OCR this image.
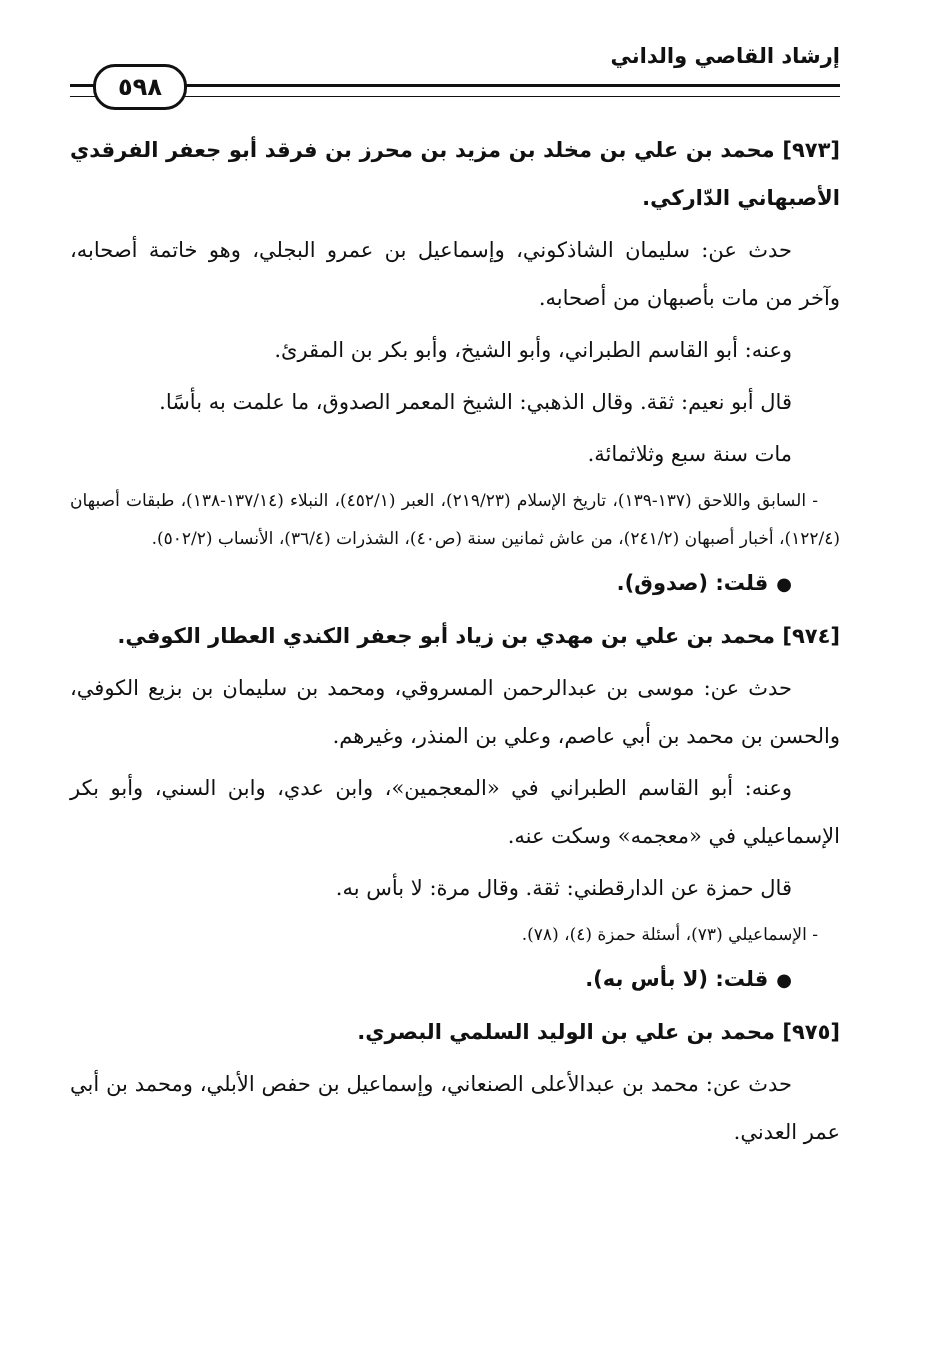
إرشاد القاصي والداني
٥٩٨

[٩٧٣] محمد بن علي بن مخلد بن مزيد بن محرز بن فرقد أبو جعفر الفرقدي الأصبهاني الدّاركي.

حدث عن: سليمان الشاذكوني، وإسماعيل بن عمرو البجلي، وهو خاتمة أصحابه، وآخر من مات بأصبهان من أصحابه.

وعنه: أبو القاسم الطبراني، وأبو الشيخ، وأبو بكر بن المقرئ.

قال أبو نعيم: ثقة. وقال الذهبي: الشيخ المعمر الصدوق، ما علمت به بأسًا.

مات سنة سبع وثلاثمائة.

- السابق واللاحق (١٣٧-١٣٩)، تاريخ الإسلام (٢١٩/٢٣)، العبر (٤٥٢/١)، النبلاء (١٣٧/١٤-١٣٨)، طبقات أصبهان (١٢٢/٤)، أخبار أصبهان (٢٤١/٢)، من عاش ثمانين سنة (ص٤٠)، الشذرات (٣٦/٤)، الأنساب (٥٠٢/٢).

●قلت: (صدوق).

[٩٧٤] محمد بن علي بن مهدي بن زياد أبو جعفر الكندي العطار الكوفي.

حدث عن: موسى بن عبدالرحمن المسروقي، ومحمد بن سليمان بن بزيع الكوفي، والحسن بن محمد بن أبي عاصم، وعلي بن المنذر، وغيرهم.

وعنه: أبو القاسم الطبراني في «المعجمين»، وابن عدي، وابن السني، وأبو بكر الإسماعيلي في «معجمه» وسكت عنه.

قال حمزة عن الدارقطني: ثقة. وقال مرة: لا بأس به.

- الإسماعيلي (٧٣)، أسئلة حمزة (٤)، (٧٨).

●قلت: (لا بأس به).

[٩٧٥] محمد بن علي بن الوليد السلمي البصري.

حدث عن: محمد بن عبدالأعلى الصنعاني، وإسماعيل بن حفص الأبلي، ومحمد بن أبي عمر العدني.
